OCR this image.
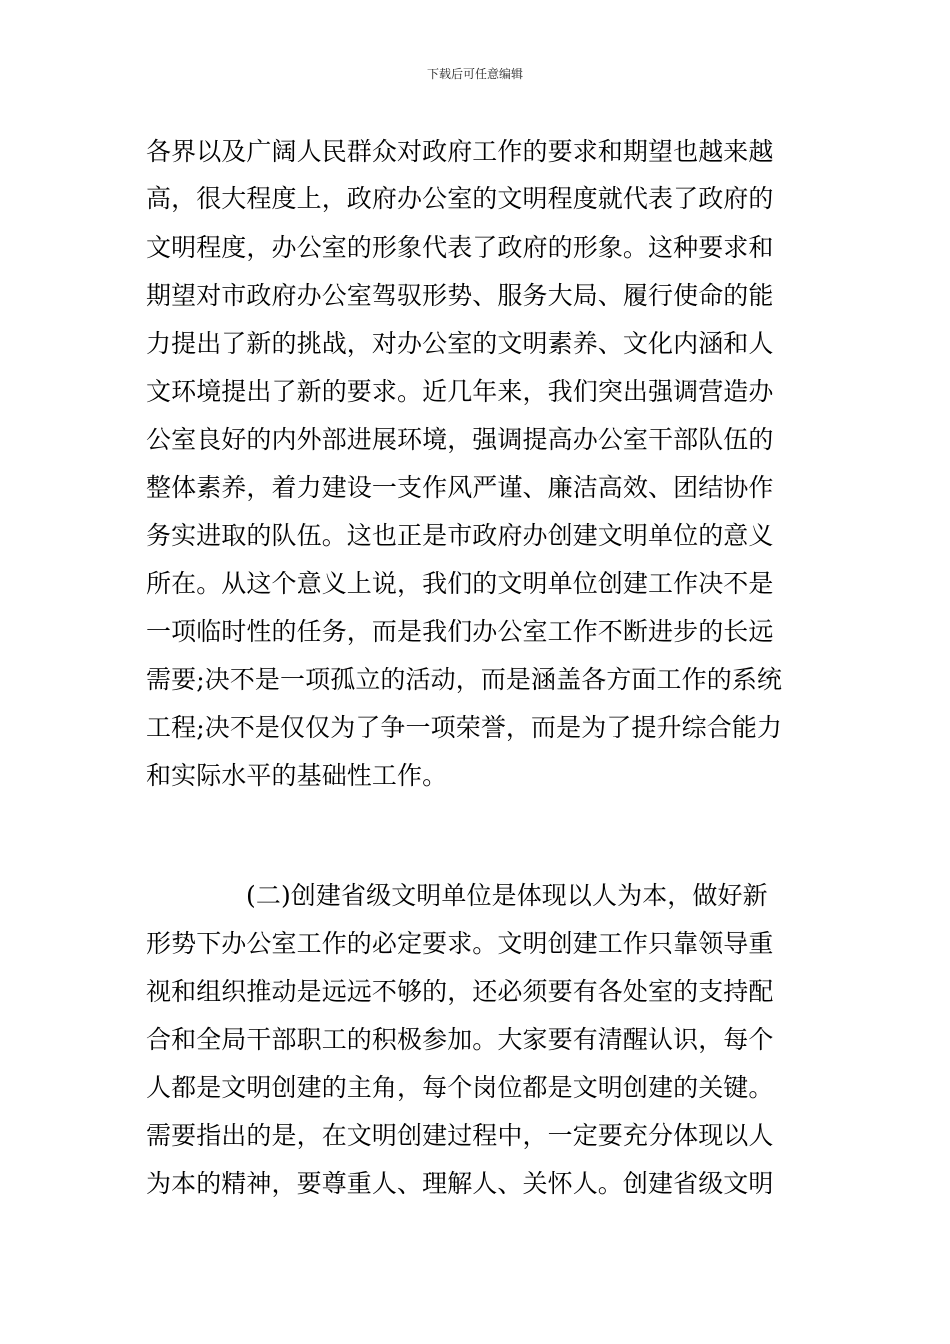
下载后可任意编辑
各界以及广阔人民群众对政府工作的要求和期望也越来越
高，很大程度上，政府办公室的文明程度就代表了政府的
文明程度，办公室的形象代表了政府的形象。这种要求和
期望对市政府办公室驾驭形势、服务大局、履行使命的能
力提出了新的挑战，对办公室的文明素养、文化内涵和人
文环境提出了新的要求。近几年来，我们突出强调营造办
公室良好的内外部进展环境，强调提高办公室干部队伍的
整体素养，着力建设一支作风严谨、廉洁高效、团结协作
务实进取的队伍。这也正是市政府办创建文明单位的意义
所在。从这个意义上说，我们的文明单位创建工作决不是
一项临时性的任务，而是我们办公室工作不断进步的长远
需要;决不是一项孤立的活动，而是涵盖各方面工作的系统
工程;决不是仅仅为了争一项荣誉，而是为了提升综合能力
和实际水平的基础性工作。
(二)创建省级文明单位是体现以人为本，做好新
形势下办公室工作的必定要求。文明创建工作只靠领导重
视和组织推动是远远不够的，还必须要有各处室的支持配
合和全局干部职工的积极参加。大家要有清醒认识，每个
人都是文明创建的主角，每个岗位都是文明创建的关键。
需要指出的是，在文明创建过程中，一定要充分体现以人
为本的精神，要尊重人、理解人、关怀人。创建省级文明
